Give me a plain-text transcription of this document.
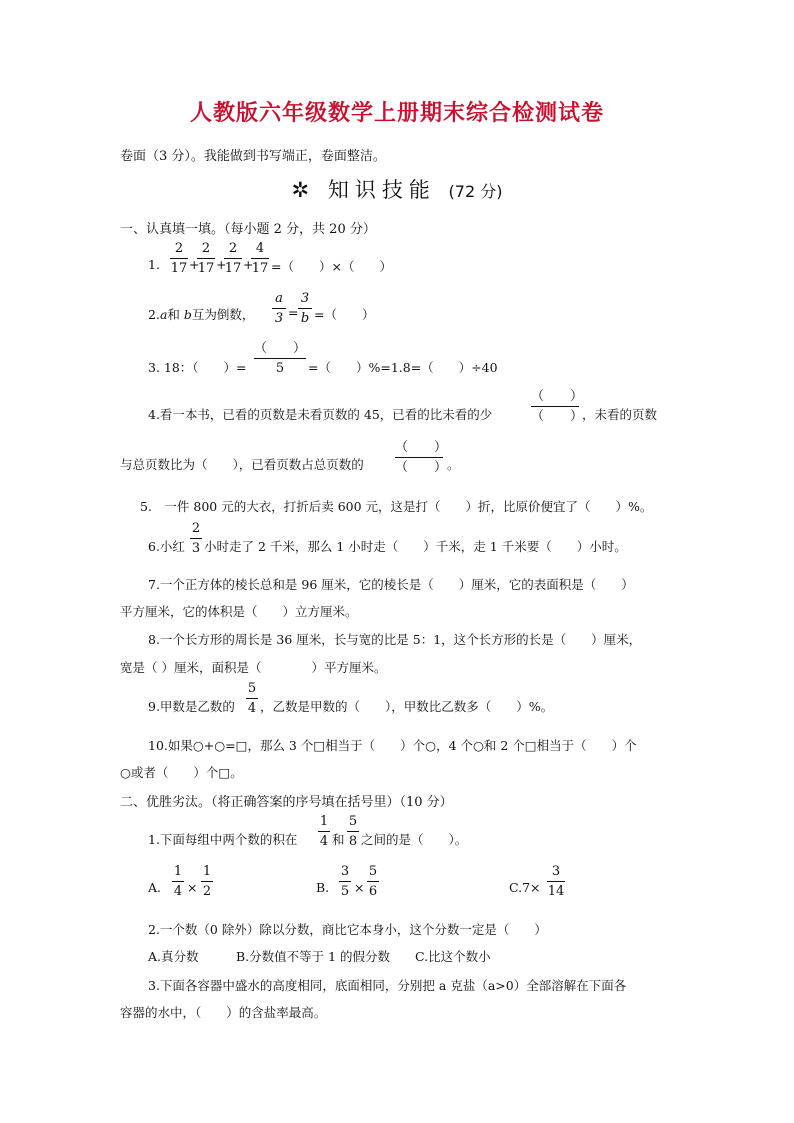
人教版六年级数学上册期末综合检测试卷
卷面（3 分）。我能做到书写端正，卷面整洁。
✲ 知识技能 (72 分)
一、认真填一填。（每小题 2 分，共 20 分）
1.
2
17 +
2
17 +
2
17 +
4
17 =（　　）×（　　）
2.a和 b互为倒数，
a
3 =
3
b =（　　）
3. 18：（　　）=
（　　）
5	=（　　）%=1.8=（　　）÷40
4.看一本书，已看的页数是未看页数的 45，已看的比未看的少
（　　）
（　　）
，未看的页数
与总页数比为（　　），已看页数占总页数的
（　　）
（　　） 。
5.　一件 800 元的大衣，打折后卖 600 元，这是打（　　）折，比原价便宜了（　　）%。
6.小红
2
3 小时走了 2 千米，那么 1 小时走（　　）千米，走 1 千米要（　　）小时。
7.一个正方体的棱长总和是 96 厘米，它的棱长是（　　）厘米，它的表面积是（　　）
平方厘米，它的体积是（　　）立方厘米。
8.一个长方形的周长是 36 厘米，长与宽的比是 5：1，这个长方形的长是（　　）厘米，
宽是（ ）厘米，面积是（　　　　）平方厘米。
9.甲数是乙数的
5
4 ，乙数是甲数的（　　），甲数比乙数多（　　）%。
10.如果○+○=□，那么 3 个□相当于（　　）个○，4 个○和 2 个□相当于（　　）个
○或者（　　）个□。
二、优胜劣汰。（将正确答案的序号填在括号里）（10 分）
1.下面每组中两个数的积在
1
4 和
5
8 之间的是（　　）。
A.
1
4 ×
1
2	B.
3
5 ×
5
6	C.7×
3
14
2.一个数（0 除外）除以分数，商比它本身小，这个分数一定是（　　）
A.真分数　　　B.分数值不等于 1 的假分数　　C.比这个数小
3.下面各容器中盛水的高度相同，底面相同，分别把 a 克盐（a>0）全部溶解在下面各
容器的水中，（　　）的含盐率最高。
